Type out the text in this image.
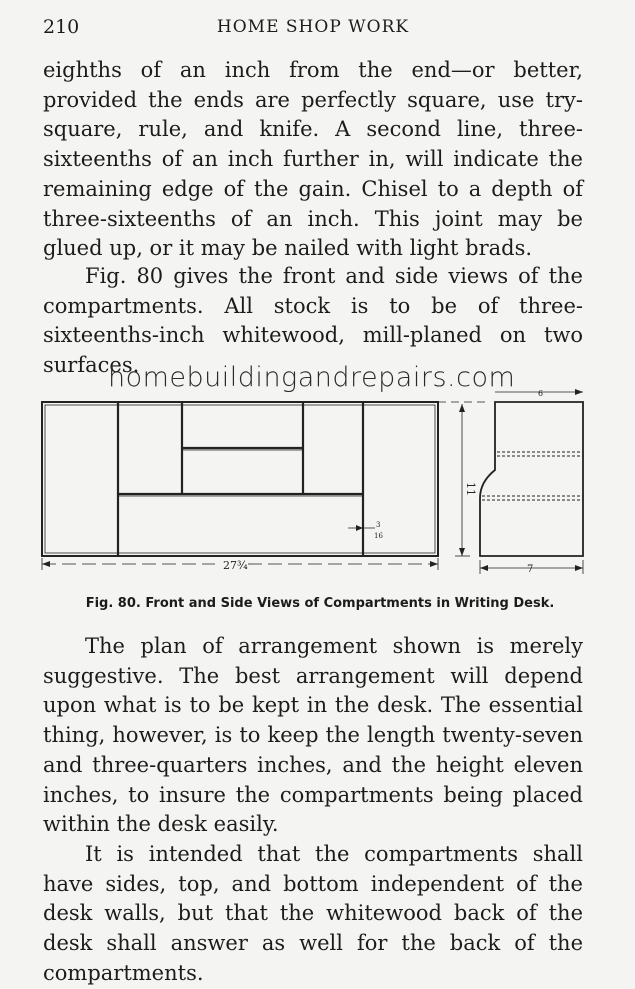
210	HOME SHOP WORK

eighths of an inch from the end—or better, provided the ends are perfectly square, use try-square, rule, and knife. A second line, three-sixteenths of an inch further in, will indicate the remaining edge of the gain. Chisel to a depth of three-sixteenths of an inch. This joint may be glued up, or it may be nailed with light brads.

Fig. 80 gives the front and side views of the compartments. All stock is to be of three-sixteenths-inch whitewood, mill-planed on two surfaces.

homebuildingandrepairs.com
27¾
11
7
6
3
16
Fig. 80. Front and Side Views of Compartments in Writing Desk.

The plan of arrangement shown is merely suggestive. The best arrangement will depend upon what is to be kept in the desk. The essential thing, however, is to keep the length twenty-seven and three-quarters inches, and the height eleven inches, to insure the compartments being placed within the desk easily.

It is intended that the compartments shall have sides, top, and bottom independent of the desk walls, but that the whitewood back of the desk shall answer as well for the back of the compartments.
